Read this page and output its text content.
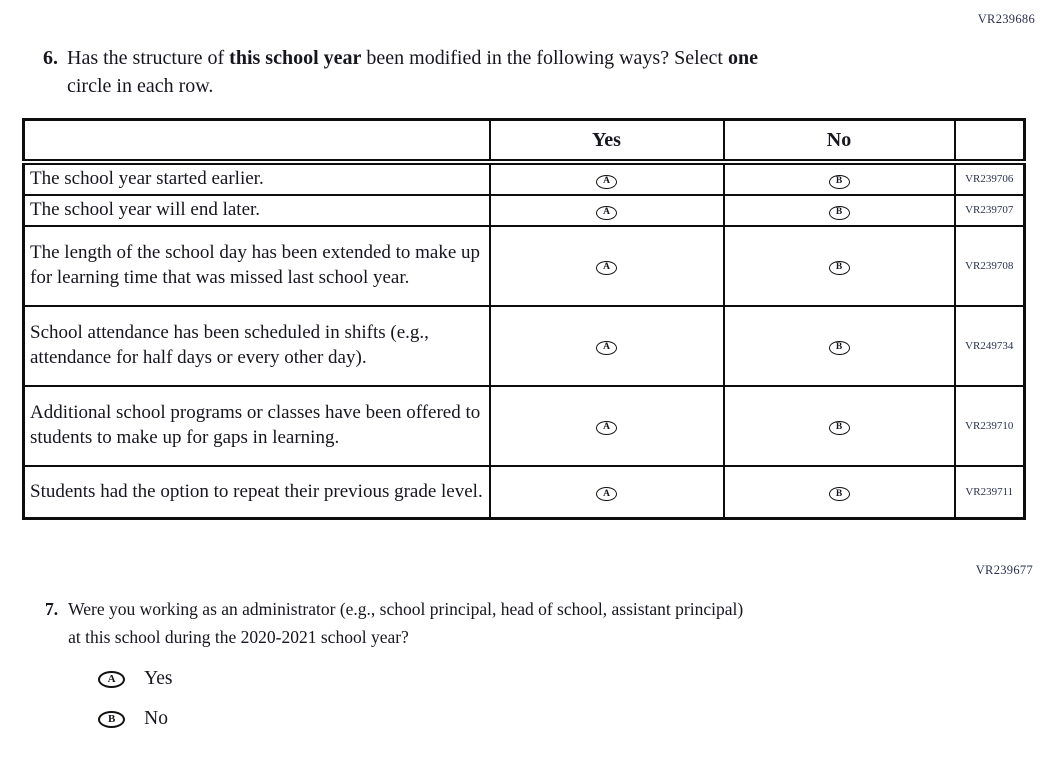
VR239686
6. Has the structure of this school year been modified in the following ways? Select one
circle in each row.
	Yes	No	
The school year started earlier.	A	B	VR239706
The school year will end later.	A	B	VR239707
The length of the school day has been extended to make up for learning time that was missed last school year.	A	B	VR239708
School attendance has been scheduled in shifts (e.g., attendance for half days or every other day).	A	B	VR249734
Additional school programs or classes have been offered to students to make up for gaps in learning.	A	B	VR239710
Students had the option to repeat their previous grade level.	A	B	VR239711
VR239677
7. Were you working as an administrator (e.g., school principal, head of school, assistant principal)
at this school during the 2020-2021 school year?
A	Yes
B	No
